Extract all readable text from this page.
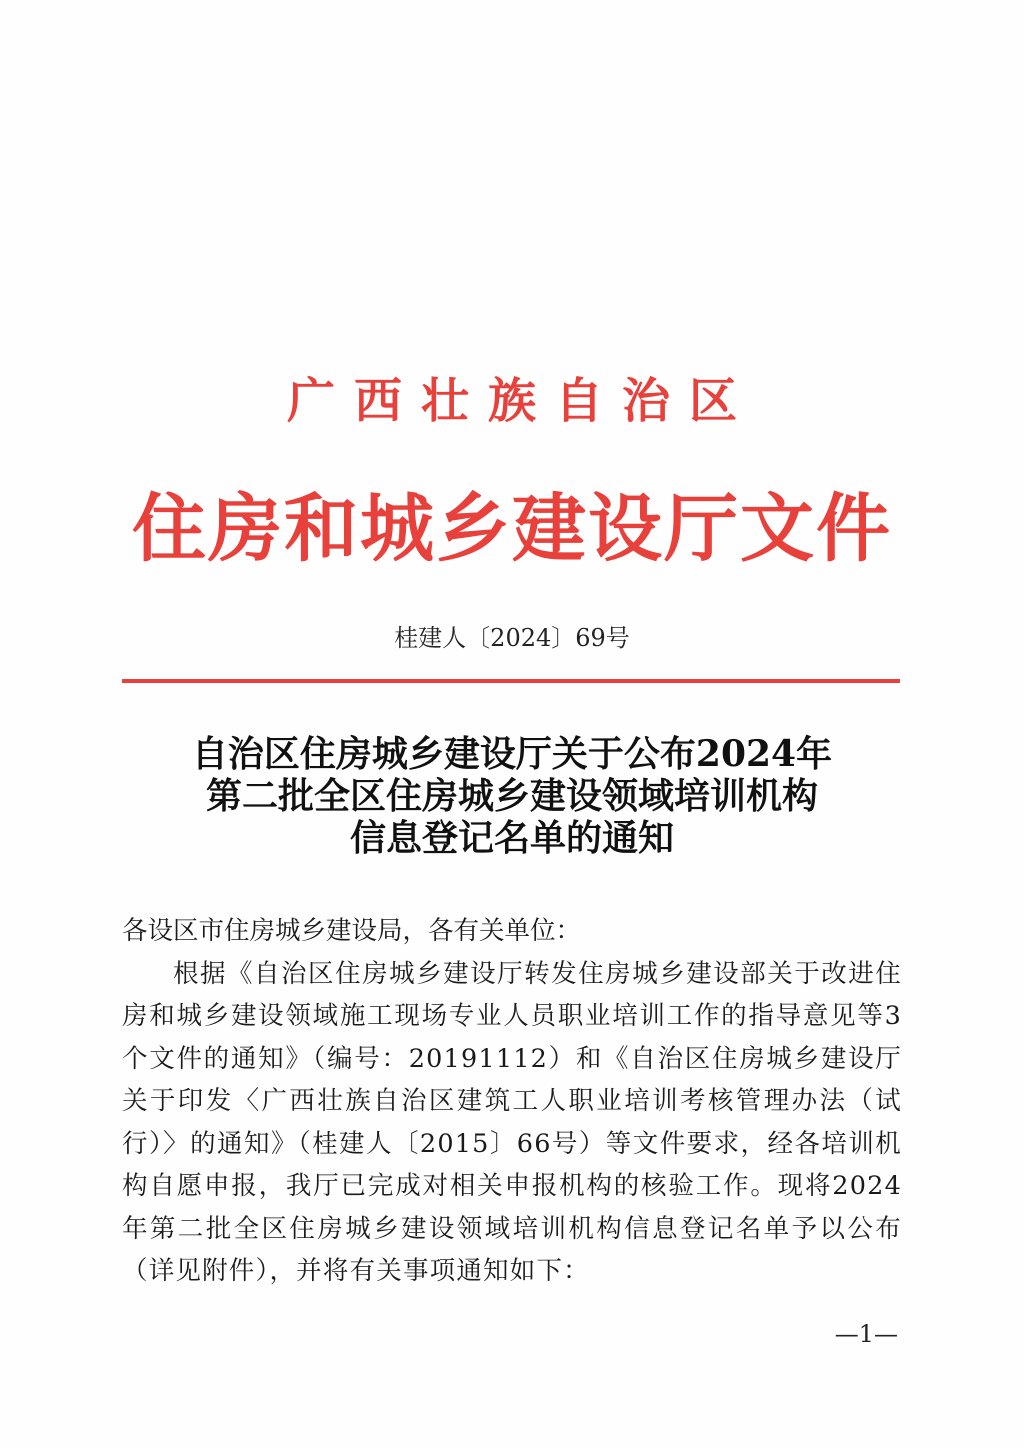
广西壮族自治区
住房和城乡建设厅文件
桂建人〔2024〕69号
自治区住房城乡建设厅关于公布2024年
第二批全区住房城乡建设领域培训机构
信息登记名单的通知

各设区市住房城乡建设局，各有关单位：

根据《自治区住房城乡建设厅转发住房城乡建设部关于改进住房和城乡建设领域施工现场专业人员职业培训工作的指导意见等3个文件的通知》（编号：20191112）和《自治区住房城乡建设厅关于印发〈广西壮族自治区建筑工人职业培训考核管理办法（试行）〉的通知》（桂建人〔2015〕66号）等文件要求，经各培训机构自愿申报，我厅已完成对相关申报机构的核验工作。现将2024年第二批全区住房城乡建设领域培训机构信息登记名单予以公布（详见附件），并将有关事项通知如下：

—1—
